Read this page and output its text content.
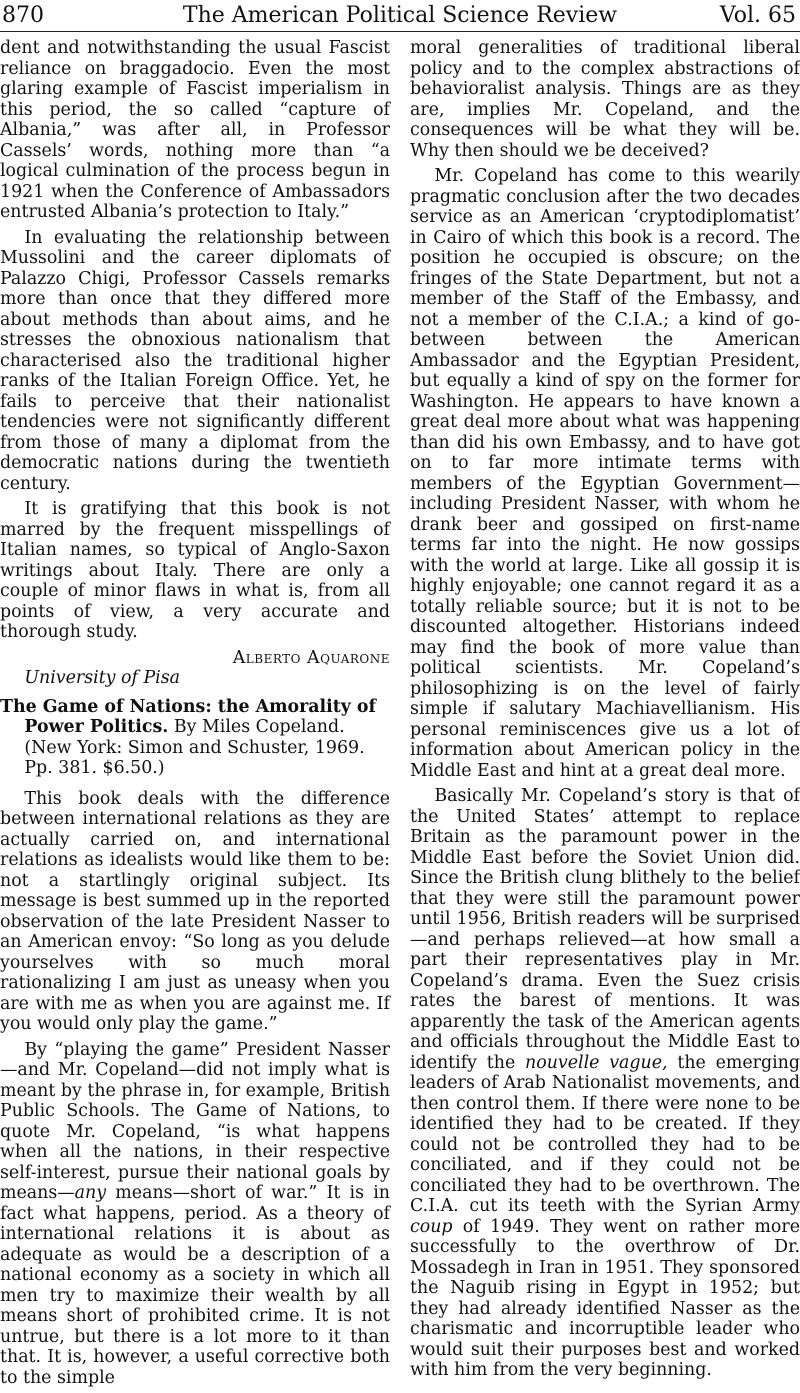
870	The American Political Science Review	Vol. 65

dent and notwithstanding the usual Fascist reliance on braggadocio. Even the most glaring example of Fascist imperialism in this period, the so called “capture of Albania,” was after all, in Professor Cassels’ words, nothing more than “a logical culmination of the process begun in 1921 when the Conference of Ambassadors entrusted Albania’s protection to Italy.”

In evaluating the relationship between Mussolini and the career diplomats of Palazzo Chigi, Professor Cassels remarks more than once that they differed more about methods than about aims, and he stresses the obnoxious nationalism that characterised also the traditional higher ranks of the Italian Foreign Office. Yet, he fails to perceive that their nationalist tendencies were not significantly different from those of many a diplomat from the democratic nations during the twentieth century.

It is gratifying that this book is not marred by the frequent misspellings of Italian names, so typical of Anglo-Saxon writings about Italy. There are only a couple of minor flaws in what is, from all points of view, a very accurate and thorough study.

Alberto Aquarone

University of Pisa

The Game of Nations: the Amorality of Power Politics. By Miles Copeland. (New York: Simon and Schuster, 1969. Pp. 381. $6.50.)

This book deals with the difference between international relations as they are actually carried on, and international relations as idealists would like them to be: not a startlingly original subject. Its message is best summed up in the reported observation of the late President Nasser to an American envoy: “So long as you delude yourselves with so much moral rationalizing I am just as uneasy when you are with me as when you are against me. If you would only play the game.”

By “playing the game” President Nasser—and Mr. Copeland—did not imply what is meant by the phrase in, for example, British Public Schools. The Game of Nations, to quote Mr. Copeland, “is what happens when all the nations, in their respective self-interest, pursue their national goals by means—any means—short of war.” It is in fact what happens, period. As a theory of international relations it is about as adequate as would be a description of a national economy as a society in which all men try to maximize their wealth by all means short of prohibited crime. It is not untrue, but there is a lot more to it than that. It is, however, a useful corrective both to the simple

moral generalities of traditional liberal policy and to the complex abstractions of behavioralist analysis. Things are as they are, implies Mr. Copeland, and the consequences will be what they will be. Why then should we be deceived?

Mr. Copeland has come to this wearily pragmatic conclusion after the two decades service as an American ‘cryptodiplomatist’ in Cairo of which this book is a record. The position he occupied is obscure; on the fringes of the State Department, but not a member of the Staff of the Embassy, and not a member of the C.I.A.; a kind of go-between between the American Ambassador and the Egyptian President, but equally a kind of spy on the former for Washington. He appears to have known a great deal more about what was happening than did his own Embassy, and to have got on to far more intimate terms with members of the Egyptian Government—including President Nasser, with whom he drank beer and gossiped on first-name terms far into the night. He now gossips with the world at large. Like all gossip it is highly enjoyable; one cannot regard it as a totally reliable source; but it is not to be discounted altogether. Historians indeed may find the book of more value than political scientists. Mr. Copeland’s philosophizing is on the level of fairly simple if salutary Machiavellianism. His personal reminiscences give us a lot of information about American policy in the Middle East and hint at a great deal more.

Basically Mr. Copeland’s story is that of the United States’ attempt to replace Britain as the paramount power in the Middle East before the Soviet Union did. Since the British clung blithely to the belief that they were still the paramount power until 1956, British readers will be surprised—and perhaps relieved—at how small a part their representatives play in Mr. Copeland’s drama. Even the Suez crisis rates the barest of mentions. It was apparently the task of the American agents and officials throughout the Middle East to identify the nouvelle vague, the emerging leaders of Arab Nationalist movements, and then control them. If there were none to be identified they had to be created. If they could not be controlled they had to be conciliated, and if they could not be conciliated they had to be overthrown. The C.I.A. cut its teeth with the Syrian Army coup of 1949. They went on rather more successfully to the overthrow of Dr. Mossadegh in Iran in 1951. They sponsored the Naguib rising in Egypt in 1952; but they had already identified Nasser as the charismatic and incorruptible leader who would suit their purposes best and worked with him from the very beginning.
